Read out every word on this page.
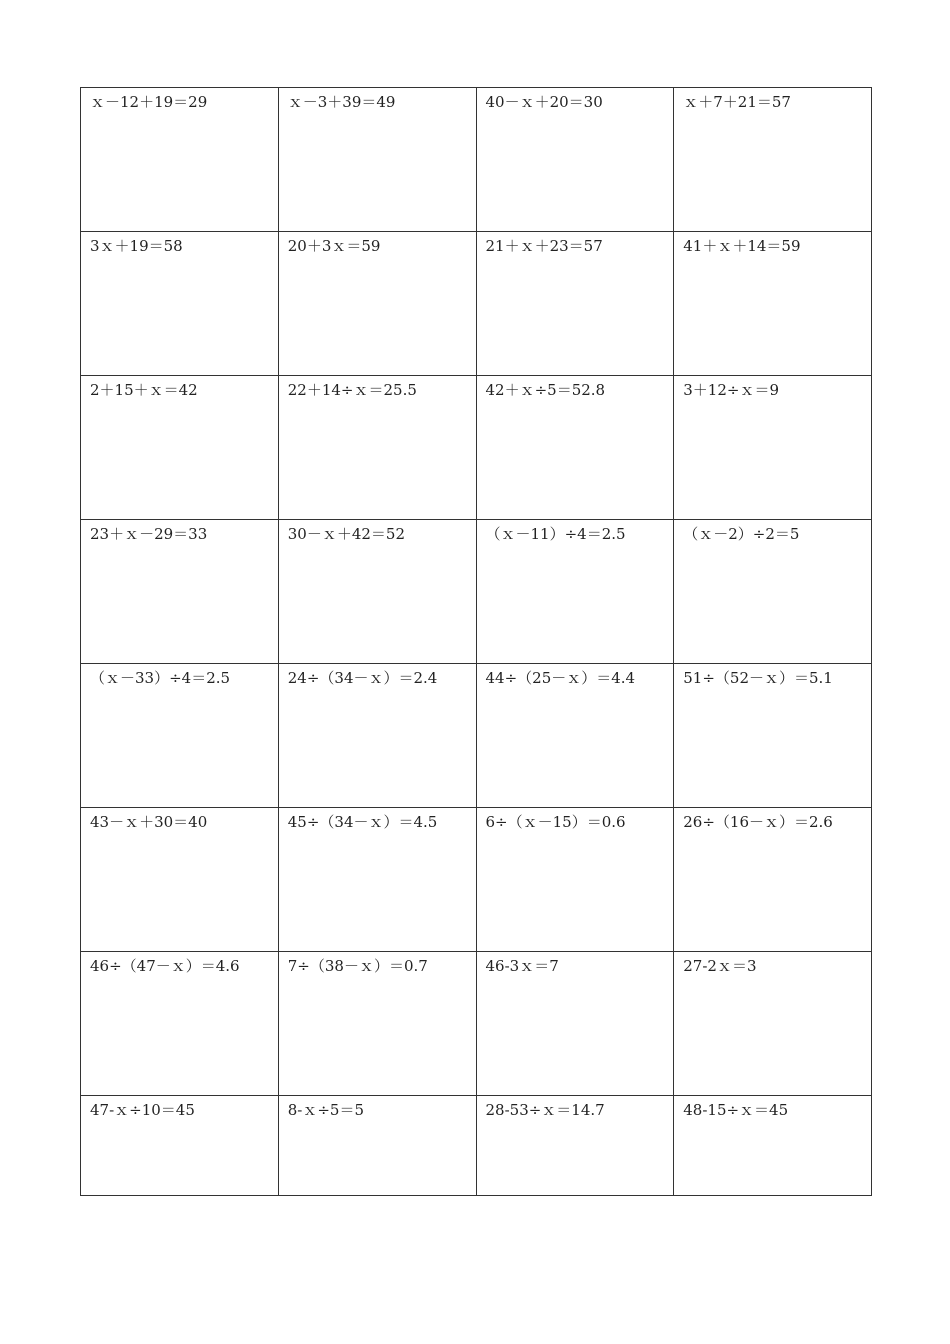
ｘ－12＋19＝29	ｘ－3＋39＝49	40－ｘ＋20＝30	ｘ＋7＋21＝57
3ｘ＋19＝58	20＋3ｘ＝59	21＋ｘ＋23＝57	41＋ｘ＋14＝59
2＋15＋ｘ＝42	22＋14÷ｘ＝25.5	42＋ｘ÷5＝52.8	3＋12÷ｘ＝9
23＋ｘ－29＝33	30－ｘ＋42＝52	（ｘ－11）÷4＝2.5	（ｘ－2）÷2＝5
（ｘ－33）÷4＝2.5	24÷（34－ｘ）＝2.4	44÷（25－ｘ）＝4.4	51÷（52－ｘ）＝5.1
43－ｘ＋30＝40	45÷（34－ｘ）＝4.5	6÷（ｘ－15）＝0.6	26÷（16－ｘ）＝2.6
46÷（47－ｘ）＝4.6	7÷（38－ｘ）＝0.7	46-3ｘ＝7	27-2ｘ＝3
47-ｘ÷10＝45	8-ｘ÷5＝5	28-53÷ｘ＝14.7	48-15÷ｘ＝45
